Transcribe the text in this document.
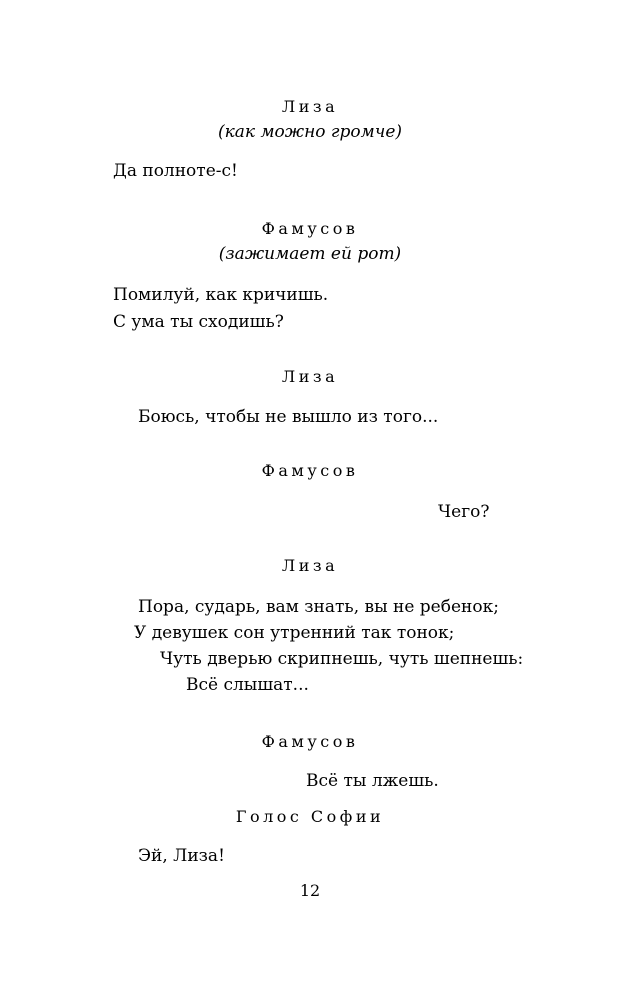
Лиза
(как можно громче)
Да полноте-с!
Фамусов
(зажимает ей рот)
Помилуй, как кричишь.
С ума ты сходишь?
Лиза
Боюсь, чтобы не вышло из того...
Фамусов
Чего?
Лиза
Пора, сударь, вам знать, вы не ребенок;
У девушек сон утренний так тонок;
Чуть дверью скрипнешь, чуть шепнешь:
Всё слышат...
Фамусов
Всё ты лжешь.
Голос Софии
Эй, Лиза!
12
